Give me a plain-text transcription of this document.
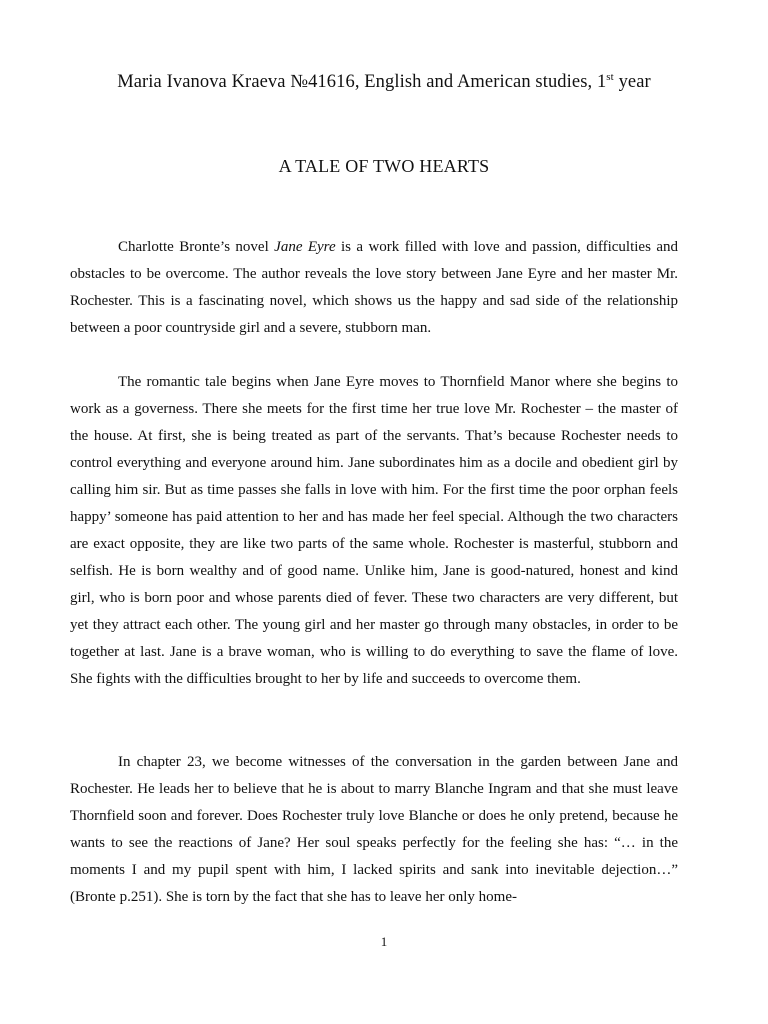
Maria Ivanova Kraeva №41616, English and American studies, 1st year
A TALE OF TWO HEARTS

Charlotte Bronte’s novel Jane Eyre is a work filled with love and passion, difficulties and obstacles to be overcome. The author reveals the love story between Jane Eyre and her master Mr. Rochester. This is a fascinating novel, which shows us the happy and sad side of the relationship between a poor countryside girl and a severe, stubborn man.

The romantic tale begins when Jane Eyre moves to Thornfield Manor where she begins to work as a governess. There she meets for the first time her true love Mr. Rochester – the master of the house. At first, she is being treated as part of the servants. That’s because Rochester needs to control everything and everyone around him. Jane subordinates him as a docile and obedient girl by calling him sir. But as time passes she falls in love with him. For the first time the poor orphan feels happy’ someone has paid attention to her and has made her feel special. Although the two characters are exact opposite, they are like two parts of the same whole. Rochester is masterful, stubborn and selfish. He is born wealthy and of good name. Unlike him, Jane is good-natured, honest and kind girl, who is born poor and whose parents died of fever. These two characters are very different, but yet they attract each other. The young girl and her master go through many obstacles, in order to be together at last. Jane is a brave woman, who is willing to do everything to save the flame of love. She fights with the difficulties brought to her by life and succeeds to overcome them.

In chapter 23, we become witnesses of the conversation in the garden between Jane and Rochester. He leads her to believe that he is about to marry Blanche Ingram and that she must leave Thornfield soon and forever. Does Rochester truly love Blanche or does he only pretend, because he wants to see the reactions of Jane? Her soul speaks perfectly for the feeling she has: “… in the moments I and my pupil spent with him, I lacked spirits and sank into inevitable dejection…” (Bronte p.251). She is torn by the fact that she has to leave her only home-

1
